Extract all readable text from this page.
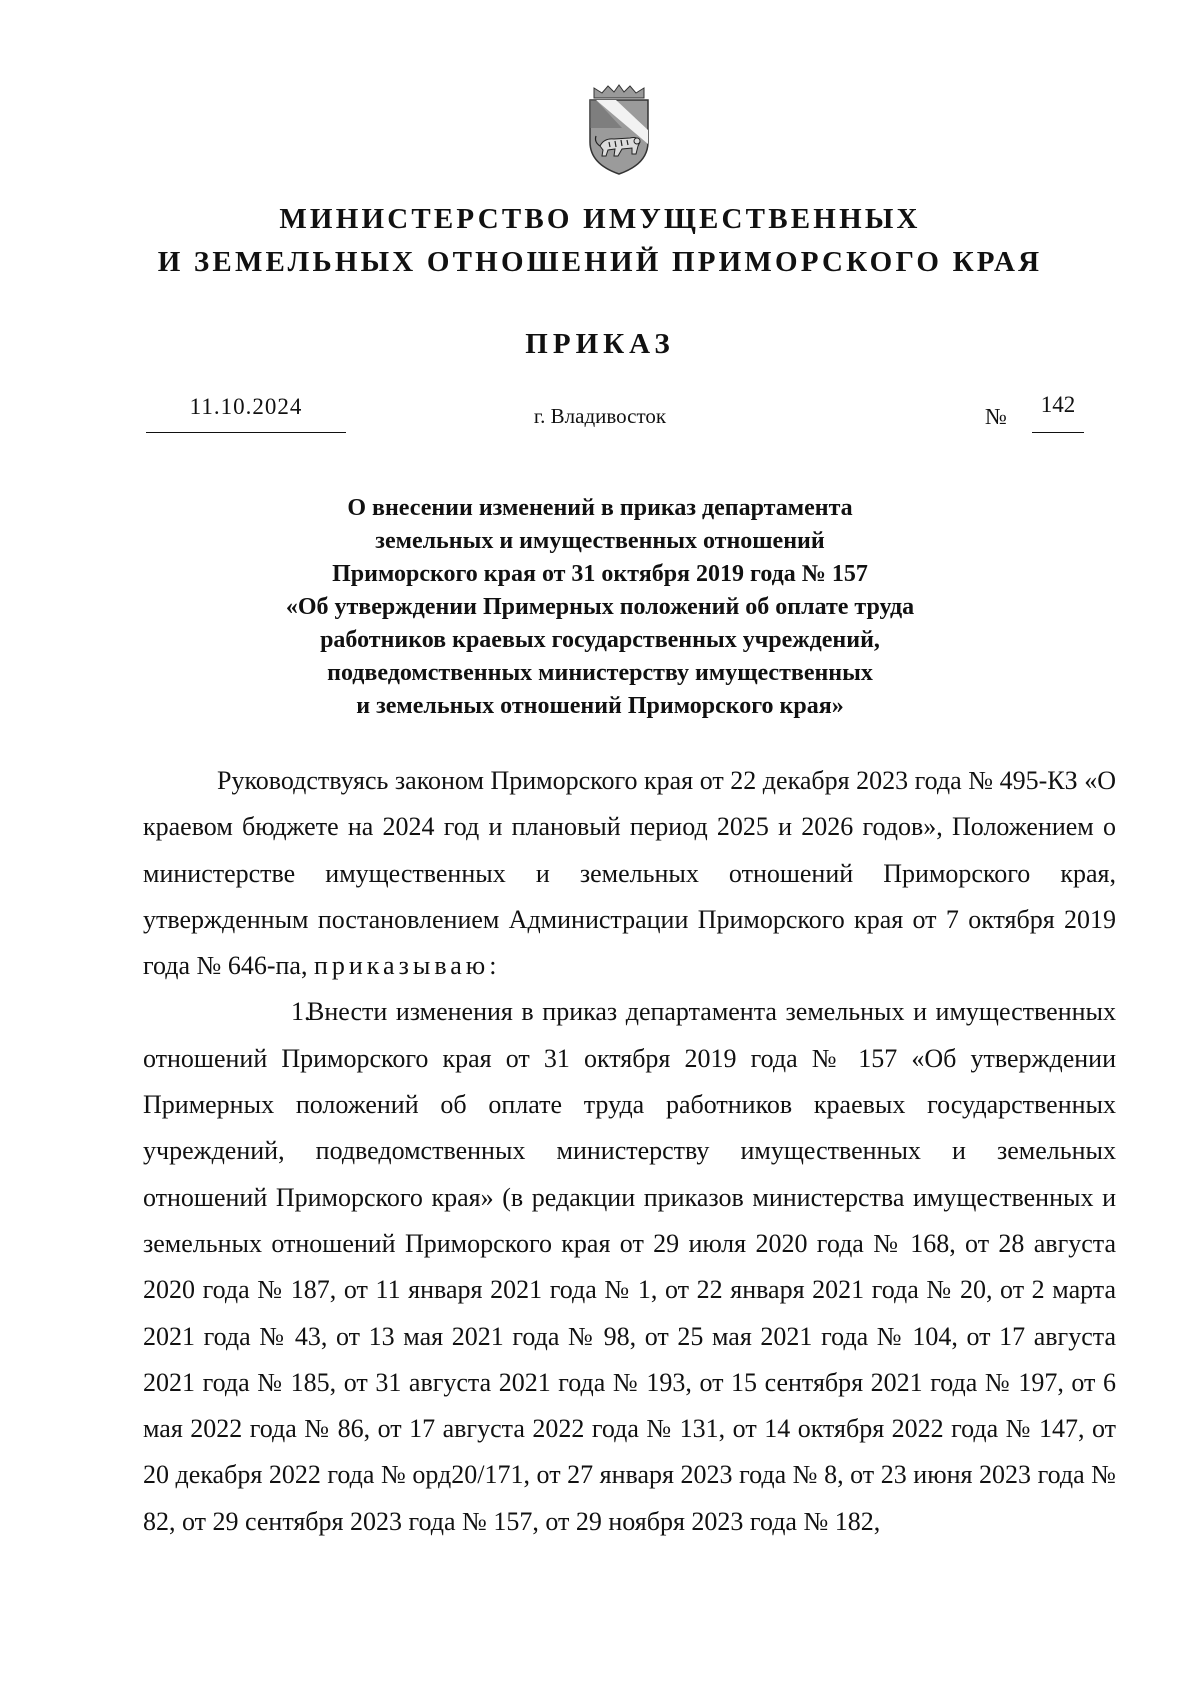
МИНИСТЕРСТВО ИМУЩЕСТВЕННЫХ
И ЗЕМЕЛЬНЫХ ОТНОШЕНИЙ ПРИМОРСКОГО КРАЯ
ПРИКАЗ
11.10.2024	г. Владивосток	№	142
О внесении изменений в приказ департамента
земельных и имущественных отношений
Приморского края от 31 октября 2019 года № 157
«Об утверждении Примерных положений об оплате труда
работников краевых государственных учреждений,
подведомственных министерству имущественных
и земельных отношений Приморского края»

Руководствуясь законом Приморского края от 22 декабря 2023 года № 495-КЗ «О краевом бюджете на 2024 год и плановый период 2025 и 2026 годов», Положением о министерстве имущественных и земельных отношений Приморского края, утвержденным постановлением Администрации Приморского края от 7 октября 2019 года № 646-па, приказываю:

1.Внести изменения в приказ департамента земельных и имущественных отношений Приморского края от 31 октября 2019 года № 157 «Об утверждении Примерных положений об оплате труда работников краевых государственных учреждений, подведомственных министерству имущественных и земельных отношений Приморского края» (в редакции приказов министерства имущественных и земельных отношений Приморского края от 29 июля 2020 года № 168, от 28 августа 2020 года № 187, от 11 января 2021 года № 1, от 22 января 2021 года № 20, от 2 марта 2021 года № 43, от 13 мая 2021 года № 98, от 25 мая 2021 года № 104, от 17 августа 2021 года № 185, от 31 августа 2021 года № 193, от 15 сентября 2021 года № 197, от 6 мая 2022 года № 86, от 17 августа 2022 года № 131, от 14 октября 2022 года № 147, от 20 декабря 2022 года № орд20/171, от 27 января 2023 года № 8, от 23 июня 2023 года № 82, от 29 сентября 2023 года № 157, от 29 ноября 2023 года № 182,
